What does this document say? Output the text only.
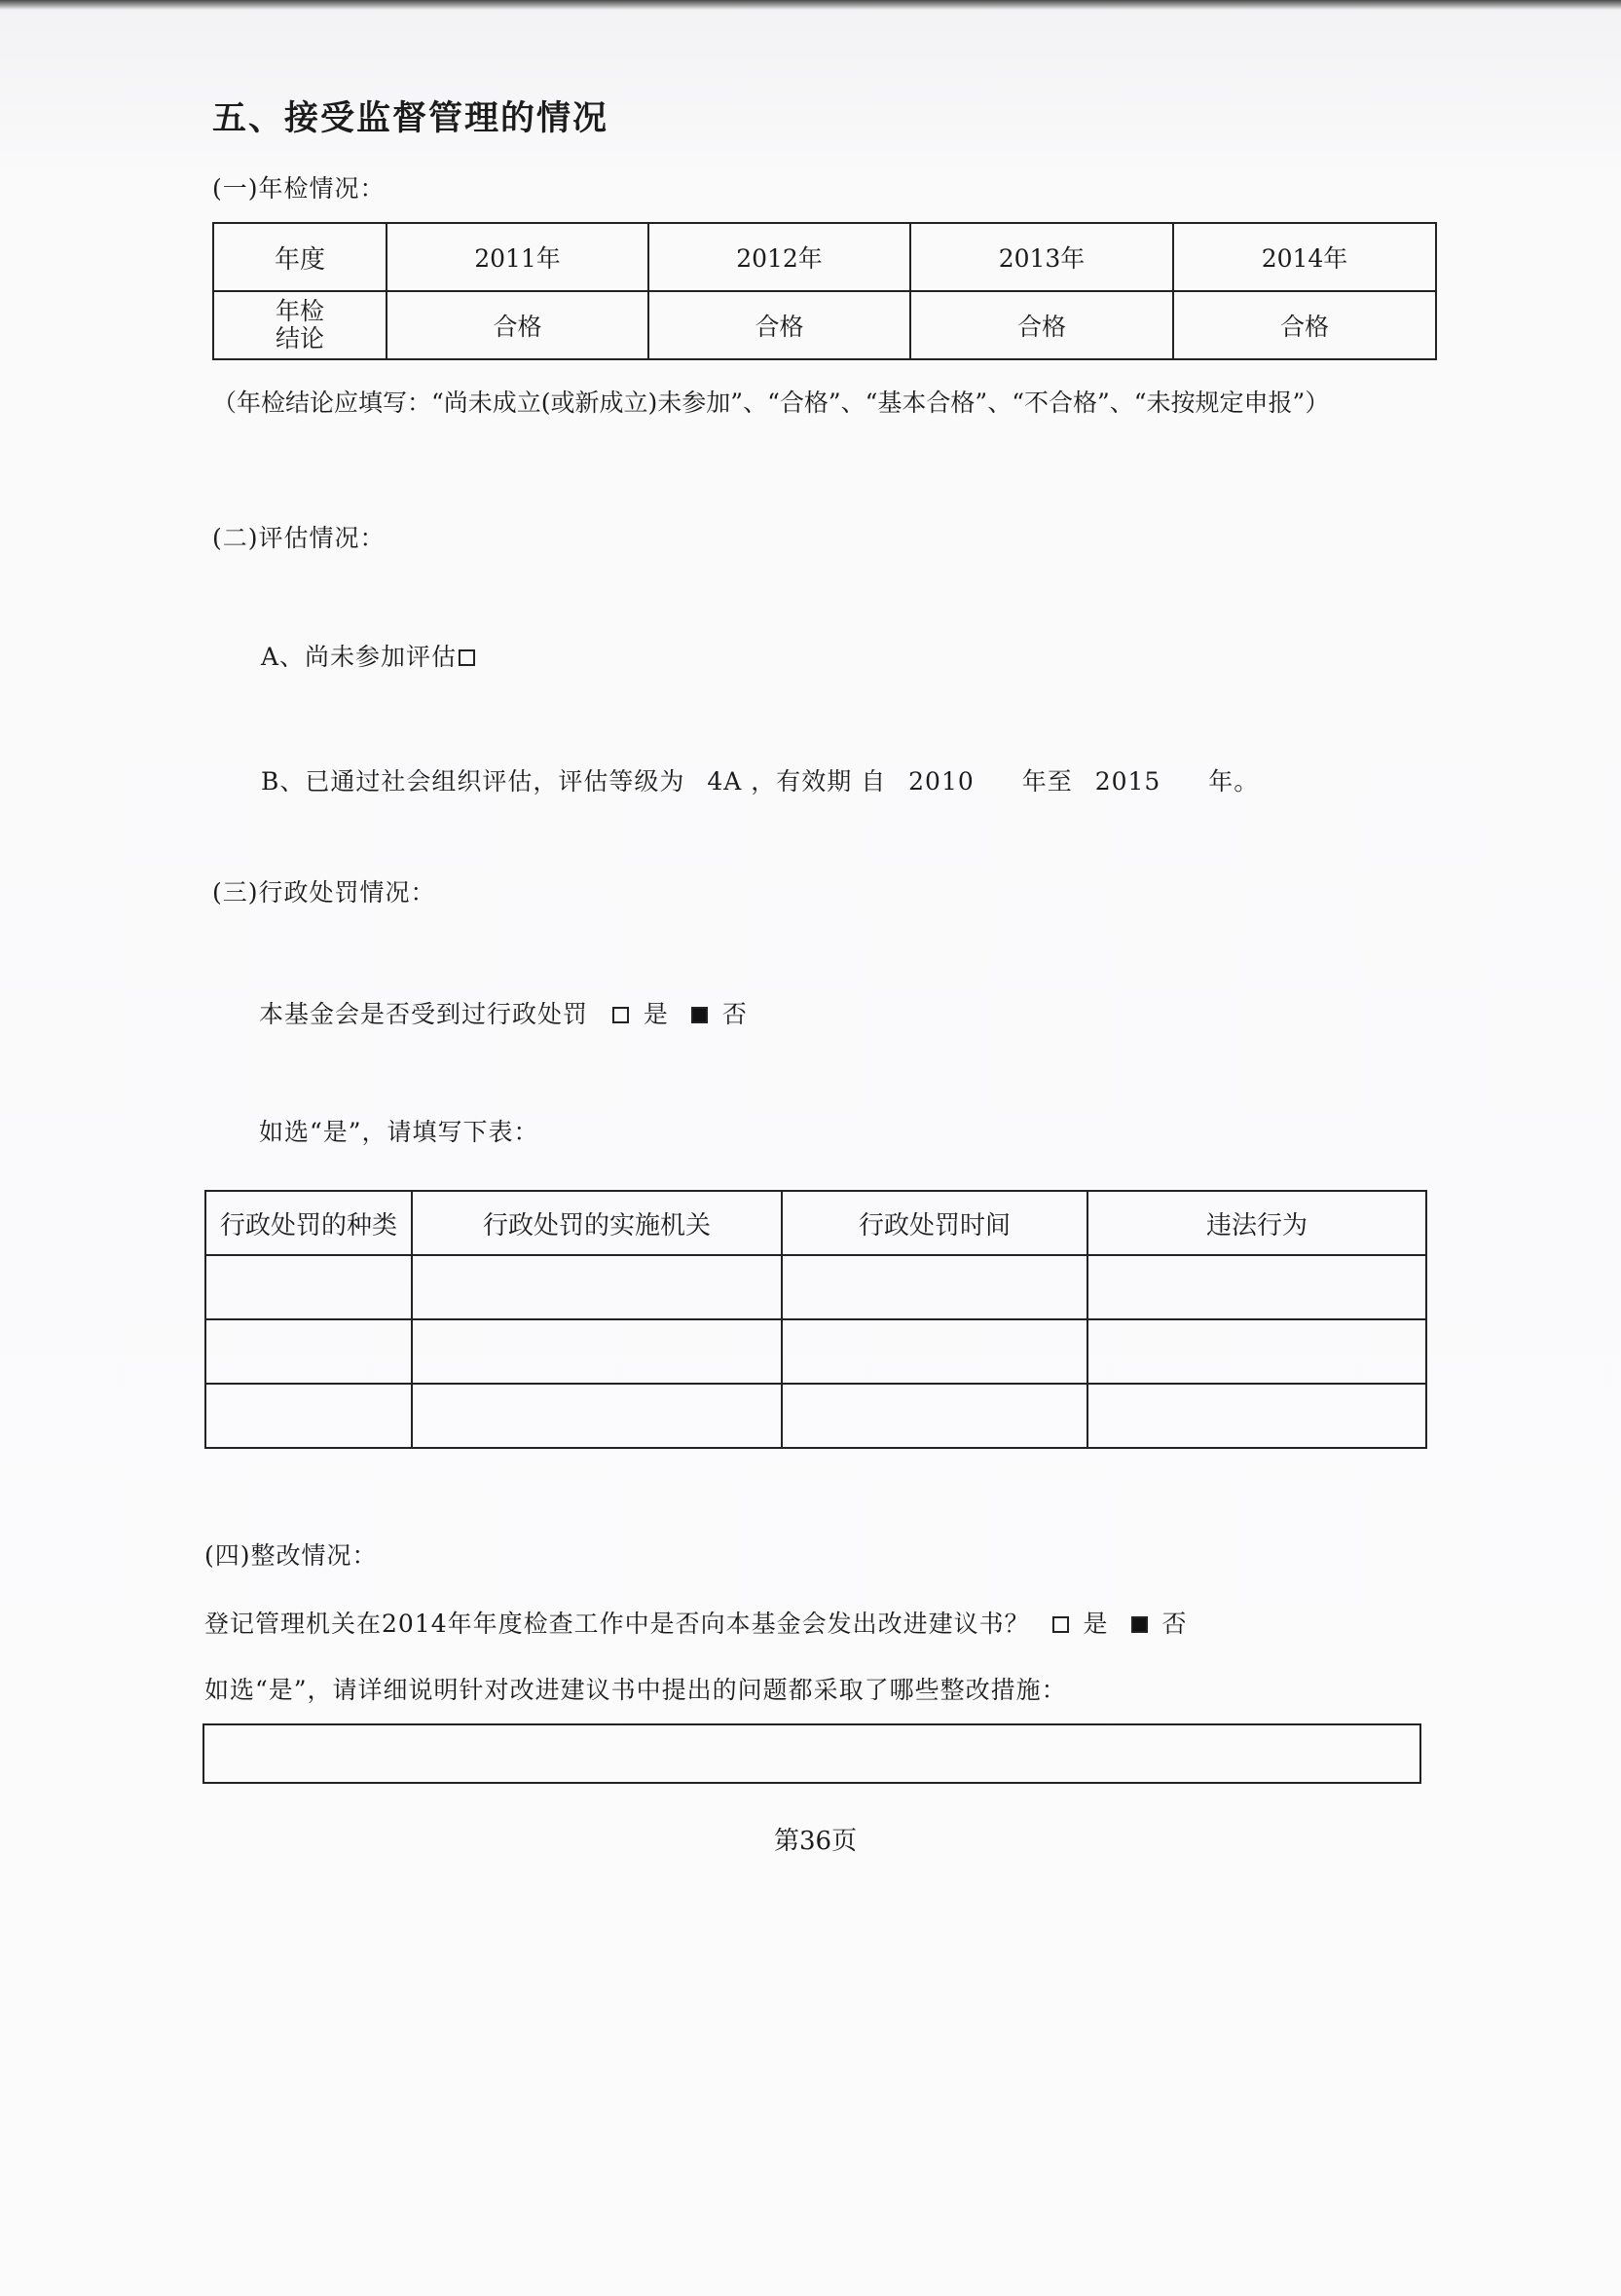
五、接受监督管理的情况
(一)年检情况：
年度	2011年	2012年	2013年	2014年

年检
结论	合格	合格	合格	合格
（年检结论应填写：“尚未成立(或新成立)未参加”、“合格”、“基本合格”、“不合格”、“未按规定申报”）
(二)评估情况：
A、尚未参加评估
B、已通过社会组织评估，评估等级为 4A ，有效期 自 2010 年至 2015 年。
(三)行政处罚情况：
本基金会是否受到过行政处罚 是 否
如选“是”，请填写下表：
行政处罚的种类	行政处罚的实施机关	行政处罚时间	违法行为

(四)整改情况：
登记管理机关在2014年年度检查工作中是否向本基金会发出改进建议书？ 是 否
如选“是”，请详细说明针对改进建议书中提出的问题都采取了哪些整改措施：
第36页
